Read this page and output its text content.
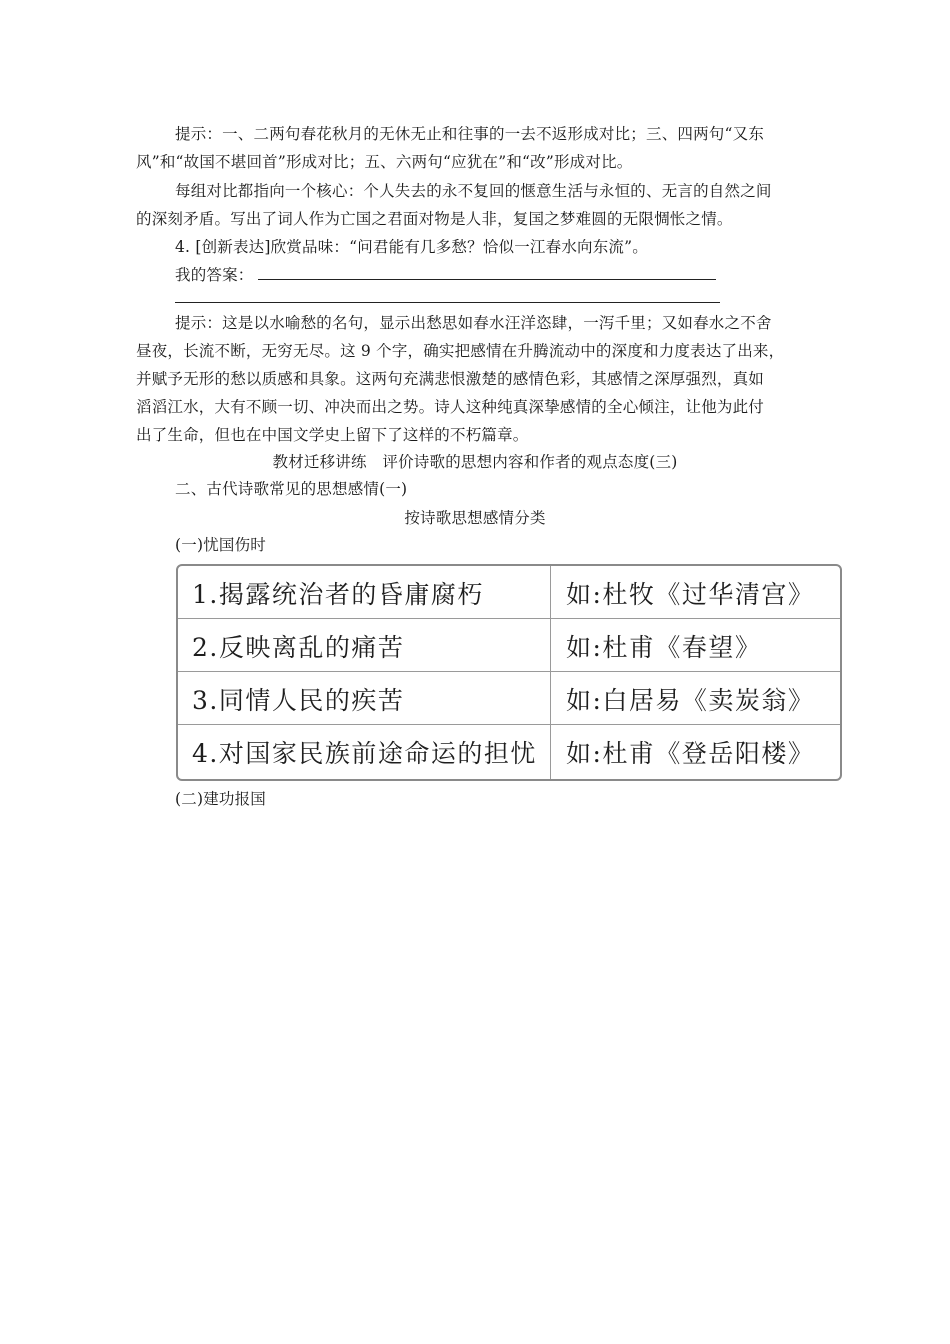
提示：一、二两句春花秋月的无休无止和往事的一去不返形成对比；三、四两句“又东
风”和“故国不堪回首”形成对比；五、六两句“应犹在”和“改”形成对比。
每组对比都指向一个核心：个人失去的永不复回的惬意生活与永恒的、无言的自然之间
的深刻矛盾。写出了词人作为亡国之君面对物是人非，复国之梦难圆的无限惆怅之情。
4. [创新表达]欣赏品味：“问君能有几多愁？恰似一江春水向东流”。
我的答案：
提示：这是以水喻愁的名句，显示出愁思如春水汪洋恣肆，一泻千里；又如春水之不舍
昼夜，长流不断，无穷无尽。这 9 个字，确实把感情在升腾流动中的深度和力度表达了出来，
并赋予无形的愁以质感和具象。这两句充满悲恨激楚的感情色彩，其感情之深厚强烈，真如
滔滔江水，大有不顾一切、冲决而出之势。诗人这种纯真深挚感情的全心倾注，让他为此付
出了生命，但也在中国文学史上留下了这样的不朽篇章。
教材迁移讲练　评价诗歌的思想内容和作者的观点态度(三)
二、古代诗歌常见的思想感情(一)
按诗歌思想感情分类
(一)忧国伤时
1.揭露统治者的昏庸腐朽	如:杜牧《过华清宫》
2.反映离乱的痛苦	如:杜甫《春望》
3.同情人民的疾苦	如:白居易《卖炭翁》
4.对国家民族前途命运的担忧	如:杜甫《登岳阳楼》
(二)建功报国
